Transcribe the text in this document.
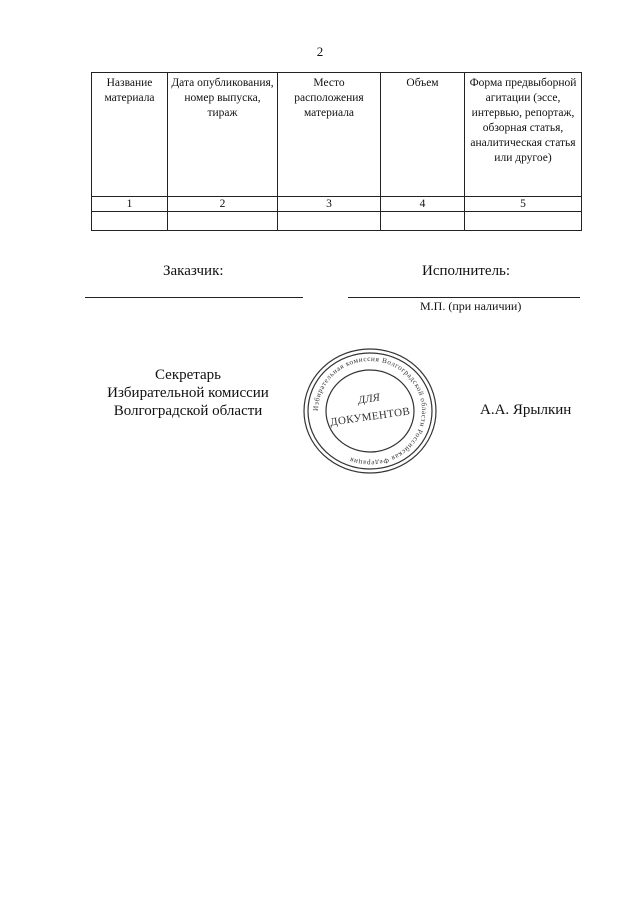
2
Название материала	Дата опубликования, номер выпуска, тираж	Место расположения материала	Объем	Форма предвыборной агитации (эссе, интервью, репортаж, обзорная статья, аналитическая статья или другое)
1	2	3	4	5

Заказчик:	Исполнитель:
М.П. (при наличии)
Секретарь
Избирательной комиссии
Волгоградской области	А.А. Ярылкин
Избирательная комиссия Волгоградской области Российская Федерация
ДЛЯ
ДОКУМЕНТОВ
